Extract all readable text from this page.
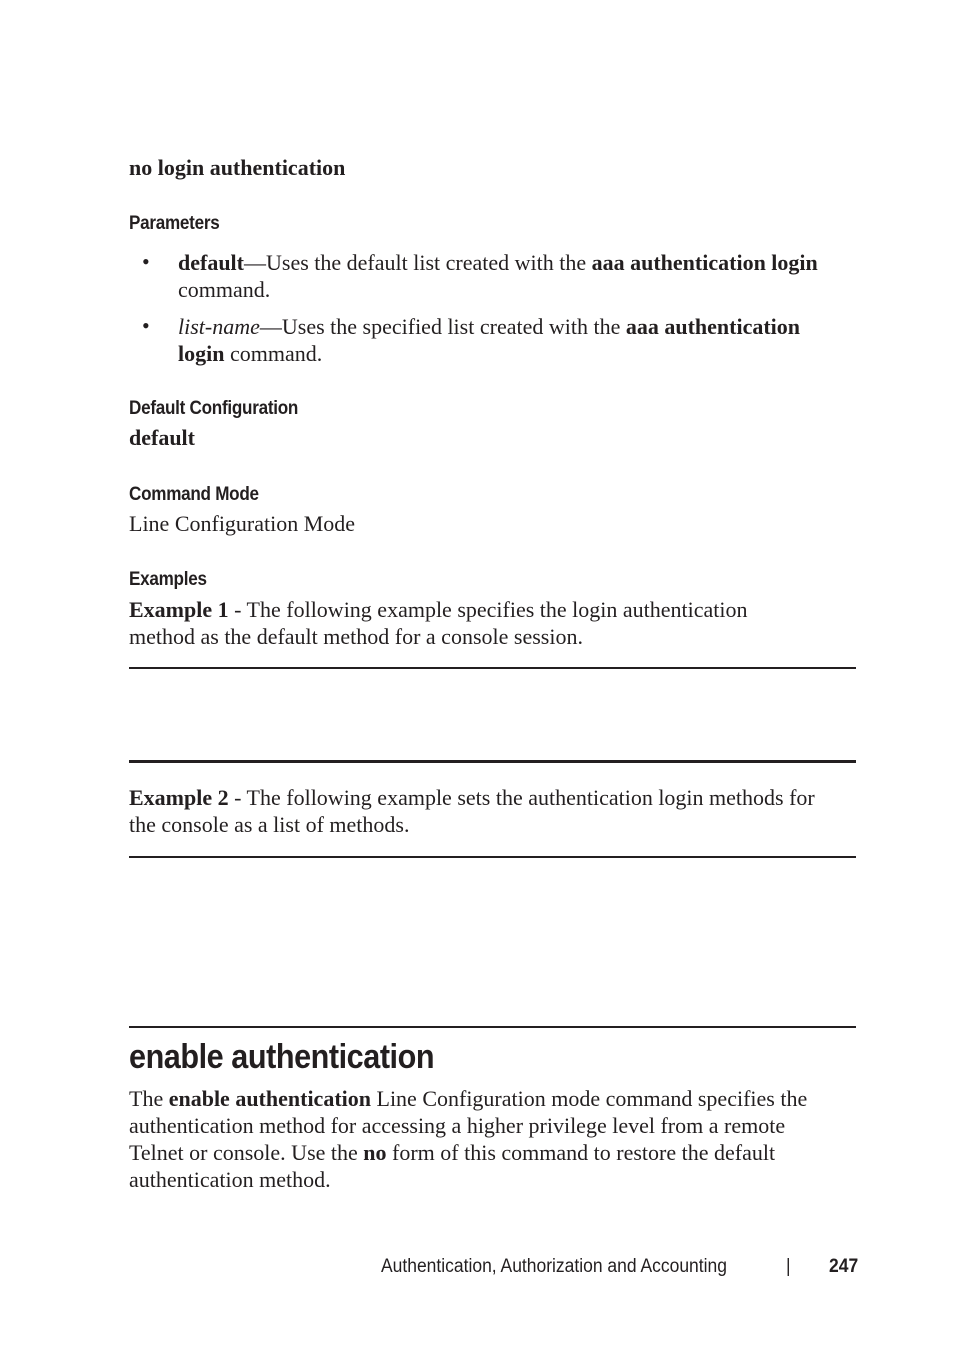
no login authentication
Parameters
• default—Uses the default list created with the aaa authentication login
command.
• list-name—Uses the specified list created with the aaa authentication
login command.
Default Configuration
default
Command Mode
Line Configuration Mode
Examples
Example 1 - The following example specifies the login authentication
method as the default method for a console session.
Example 2 - The following example sets the authentication login methods for
the console as a list of methods.
enable authentication
The enable authentication Line Configuration mode command specifies the
authentication method for accessing a higher privilege level from a remote
Telnet or console. Use the no form of this command to restore the default
authentication method.
Authentication, Authorization and Accounting	| 247
